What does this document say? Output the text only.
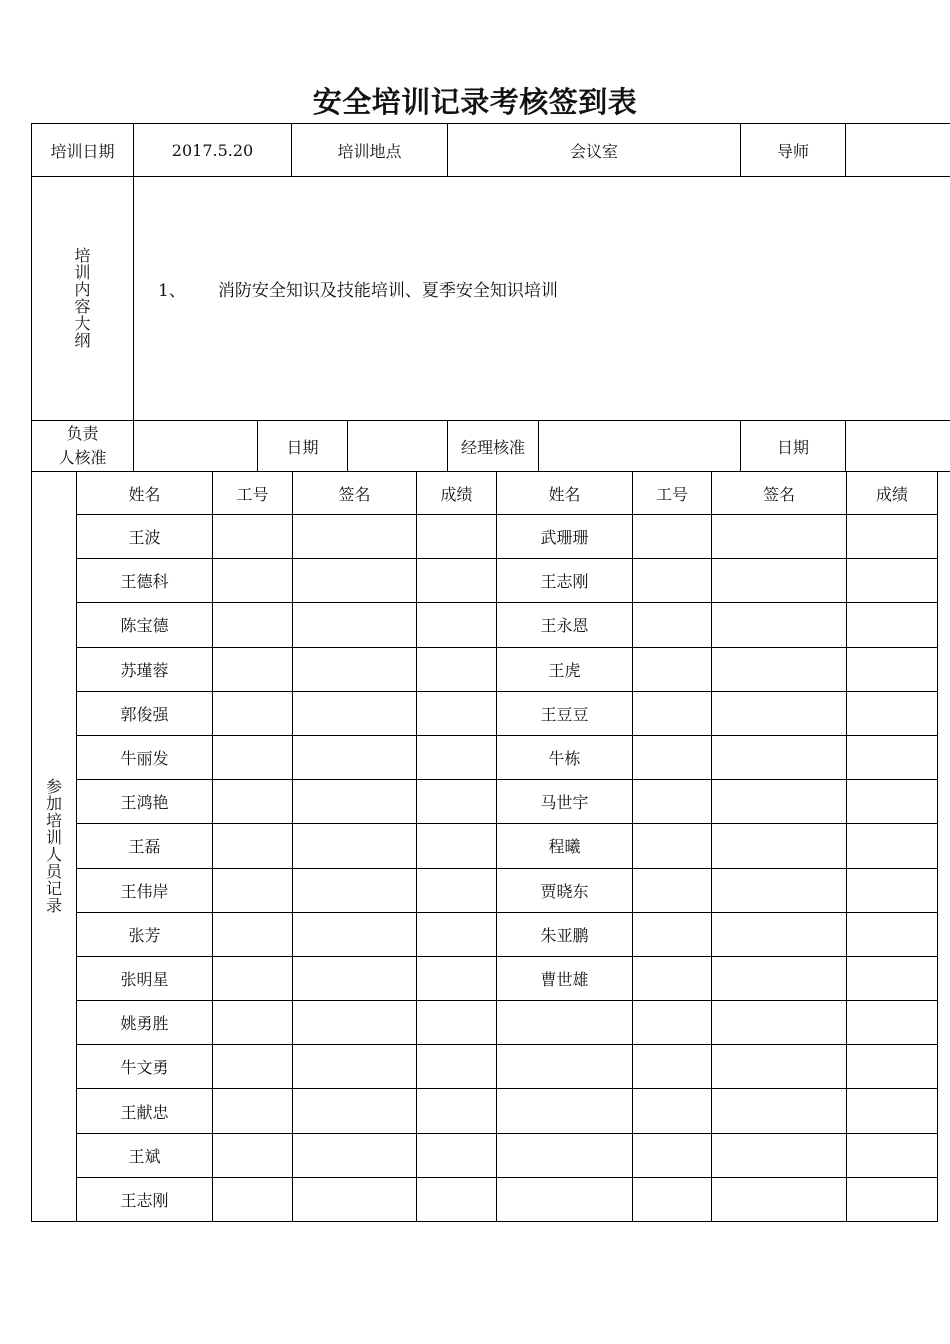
安全培训记录考核签到表
培训日期	2017.5.20		培训地点		会议室		导师	
培训内容大纲	1、 消防安全知识及技能培训、夏季安全知识培训							

负责
人核准		日期			经理核准		日期	
参加培训人员记录	姓名	工号	签名	成绩	姓名	工号	签名	成绩
	王波				武珊珊			
	王德科				王志刚			
	陈宝德				王永恩			
	苏瑾蓉				王虎			
	郭俊强				王豆豆			
	牛丽发				牛栋			
	王鸿艳				马世宇			
	王磊				程曦			
	王伟岸				贾晓东			
	张芳				朱亚鹏			
	张明星				曹世雄			
	姚勇胜							
	牛文勇							
	王献忠							
	王斌							
	王志刚							
